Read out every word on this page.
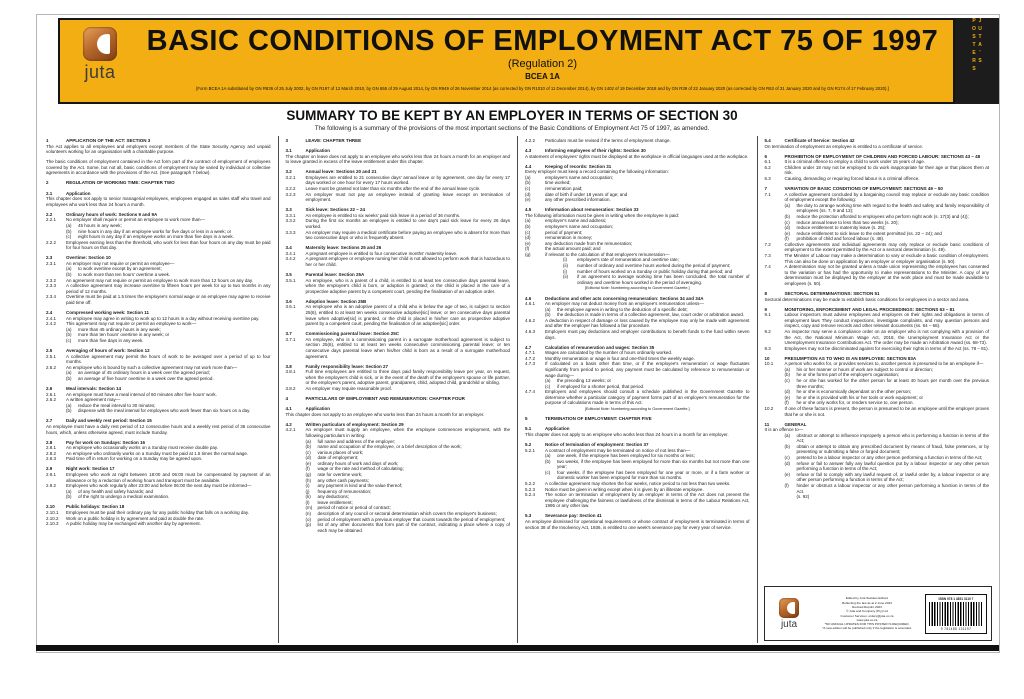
juta
BASIC CONDITIONS OF EMPLOYMENT ACT 75 OF 1997
(Regulation 2)
BCEA 1A
[Form BCEA 1A substituted by GN R836 of 25 July 2002, by GN R197 of 12 March 2010, by GN 655 of 29 August 2014, by GN R949 of 26 November 2014 (as corrected by GN R1010 of 11 December 2014), by GN 1402 of 19 December 2018 and by GN R39 of 22 January 2020 (as corrected by GN R63 of 31 January 2020 and by GN R174 of 17 February 2020).]
JUTA'S POSTERS
SUMMARY TO BE KEPT BY AN EMPLOYER IN TERMS OF SECTION 30
The following is a summary of the provisions of the most important sections of the Basic Conditions of Employment Act 75 of 1997, as amended.
1	APPLICATION OF THE ACT: SECTION 3
The Act applies to all employees and employers except members of the State Security Agency and unpaid volunteers working for an organisation with a charitable purpose.
The basic conditions of employment contained in the Act form part of the contract of employment of employees covered by the Act. Some, but not all, basic conditions of employment may be varied by individual or collective agreements in accordance with the provisions of the Act. (See paragraph 7 below).
2	REGULATION OF WORKING TIME: CHAPTER TWO
2.1	Application
This chapter does not apply to senior managerial employees, employees engaged as sales staff who travel and employees who work less than 24 hours a month.
2.2	Ordinary hours of work: Sections 9 and 9A
2.2.1	No employer shall require or permit an employee to work more than—
(a)	45 hours in any week;
(b)	nine hours in any day if an employee works for five days or less in a week; or
(c)	eight hours in any day if an employee works on more than five days in a week.
2.2.2	Employees earning less than the threshold, who work for less than four hours on any day must be paid for four hours on that day.
2.3	Overtime: Section 10
2.3.1	An employer may not require or permit an employee—
(a)	to work overtime except by an agreement;
(b)	to work more than ten hours' overtime a week.
2.3.2	An agreement may not require or permit an employee to work more than 12 hours on any day.
2.3.3	A collective agreement may increase overtime to fifteen hours per week for up to two months in any period of 12 months.
2.3.4	Overtime must be paid at 1.5 times the employee's normal wage or an employee may agree to receive paid time off.
2.4	Compressed working week: Section 11
2.4.1	An employee may agree in writing to work up to 12 hours in a day without receiving overtime pay.
2.4.2	This agreement may not require or permit an employee to work—
(a)	more than 45 ordinary hours in any week;
(b)	more than ten hours' overtime in any week; or
(c)	more than five days in any week.
2.5	Averaging of hours of work: Section 12
2.5.1	A collective agreement may permit the hours of work to be averaged over a period of up to four months.
2.5.2	An employee who is bound by such a collective agreement may not work more than—
(a)	an average of 45 ordinary hours in a week over the agreed period;
(b)	an average of five hours' overtime in a week over the agreed period.
2.6	Meal intervals: Section 14
2.6.1	An employee must have a meal interval of 60 minutes after five hours' work.
2.6.2	A written agreement may—
(a)	reduce the meal interval to 30 minutes;
(b)	dispense with the meal interval for employees who work fewer than six hours on a day.
2.7	Daily and weekly rest period: Section 15
An employee must have a daily rest period of 12 consecutive hours and a weekly rest period of 36 consecutive hours, which, unless otherwise agreed, must include Sunday.
2.8	Pay for work on Sundays: Section 16
2.8.1	An employee who occasionally works on a Sunday must receive double pay.
2.8.2	An employee who ordinarily works on a Sunday must be paid at 1.5 times the normal wage.
2.8.3	Paid time off in return for working on a Sunday may be agreed upon.
2.9	Night work: Section 17
2.9.1	Employees who work at night between 18:00 and 06:00 must be compensated by payment of an allowance or by a reduction of working hours and transport must be available.
2.9.2	Employees who work regularly after 23:00 and before 06:00 the next day must be informed—
(a)	of any health and safety hazards; and
(b)	of the right to undergo a medical examination.
2.10	Public holidays: Section 18
2.10.1	Employees must be paid their ordinary pay for any public holiday that falls on a working day.
2.10.2	Work on a public holiday is by agreement and paid at double the rate.
2.10.3	A public holiday may be exchanged with another day by agreement.
3	LEAVE: CHAPTER THREE
3.1	Application
The chapter on leave does not apply to an employee who works less than 24 hours a month for an employer and to leave granted in excess of the leave entitlement under this chapter.
3.2	Annual leave: Sections 20 and 21
3.2.1	Employees are entitled to 21 consecutive days' annual leave or by agreement, one day for every 17 days worked or one hour for every 17 hours worked.
3.2.2	Leave must be granted not later than six months after the end of the annual leave cycle.
3.2.3	An employer must not pay an employee instead of granting leave except on termination of employment.
3.3	Sick leave: Sections 22 – 24
3.3.1	An employee is entitled to six weeks' paid sick leave in a period of 36 months.
3.3.2	During the first six months an employee is entitled to one day's paid sick leave for every 26 days worked.
3.3.3	An employer may require a medical certificate before paying an employee who is absent for more than two consecutive days or who is frequently absent.
3.4	Maternity leave: Sections 25 and 26
3.4.1	A pregnant employee is entitled to four consecutive months' maternity leave.
3.4.2	A pregnant employee or employee nursing her child is not allowed to perform work that is hazardous to her or her child.
3.5	Parental leave: Section 25A
3.5.1	An employee, who is a parent of a child, is entitled to at least ten consecutive days parental leave, when the employee's child is born, or adoption is granted; or the child is placed in the care of a prospective adoptive parent by a competent court, pending the finalisation of an adoption order.
3.6	Adoption leave: Section 25B
3.6.1	An employee who is an adoptive parent of a child who is below the age of two, is subject to section 25(6), entitled to at least ten weeks consecutive adoptive[sic] leave; or ten consecutive days parental leave when adoptive[sic] is granted, or the child is placed in his/her care as prospective adoptive parent by a competent court, pending the finalisation of an adoptive[sic] order.
3.7	Commissioning parental leave: Section 25C
3.7.1	An employee, who is a commissioning parent in a surrogate motherhood agreement is subject to section 25(6), entitled to at least ten weeks consecutive commissioning parental leave; or ten consecutive days parental leave when his/her child is born as a result of a surrogate motherhood agreement.
3.8	Family responsibility leave: Section 27
3.8.1	Full time employees are entitled to three days paid family responsibility leave per year, on request, when the employee's child is sick, or in the event of the death of the employee's spouse or life partner, or the employee's parent, adoptive parent, grandparent, child, adopted child, grandchild or sibling.
3.8.2	An employer may require reasonable proof.
4	PARTICULARS OF EMPLOYMENT AND REMUNERATION: CHAPTER FOUR
4.1	Application
This chapter does not apply to an employee who works less than 24 hours a month for an employer.
4.2	Written particulars of employment: Section 29
4.2.1	An employer must supply an employee, when the employee commences employment, with the following particulars in writing:
(a)	full name and address of the employer;
(b)	name and occupation of the employee, or a brief description of the work;
(c)	various places of work;
(d)	date of employment;
(e)	ordinary hours of work and days of work;
(f)	wage or the rate and method of calculating;
(g)	rate for overtime work;
(h)	any other cash payments;
(i)	any payment in kind and the value thereof;
(j)	frequency of remuneration;
(k)	any deductions;
(l)	leave entitlement;
(m)	period of notice or period of contract;
(n)	description of any council or sectoral determination which covers the employer's business;
(o)	period of employment with a previous employer that counts towards the period of employment;
(p)	list of any other documents that form part of the contract, indicating a place where a copy of each may be obtained.
4.2.2	Particulars must be revised if the terms of employment change.
4.3	Informing employees of their rights: Section 30
A statement of employees' rights must be displayed at the workplace in official languages used at the workplace.
4.4	Keeping of records: Section 31
Every employer must keep a record containing the following information:
(a)	employee's name and occupation;
(b)	time worked;
(c)	remuneration paid;
(d)	date of birth if under 18 years of age; and
(e)	any other prescribed information.
4.5	Information about remuneration: Section 33
The following information must be given in writing when the employee is paid:
(a)	employer's name and address;
(b)	employee's name and occupation;
(c)	period of payment;
(d)	remuneration in money;
(e)	any deduction made from the remuneration;
(f)	the actual amount paid; and
(g)	if relevant to the calculation of that employee's remuneration—
(i)	employee's rate of remuneration and overtime rate;
(ii)	number of ordinary and overtime hours worked during the period of payment;
(i)	number of hours worked on a Sunday or public holiday during that period; and
(ii)	if an agreement to average working time has been concluded, the total number of ordinary and overtime hours worked in the period of averaging.
[Editorial Note: Numbering according to Government Gazette.]
4.6	Deductions and other acts concerning remuneration: Sections 34 and 34A
4.6.1	An employer may not deduct money from an employee's remuneration unless—
(a)	the employee agrees in writing to the deduction of a specific debt;
(b)	the deduction is made in terms of a collective agreement, law, court order or arbitration award.
4.6.2	A deduction in respect of damage or loss caused by the employee may only be made with agreement and after the employer has followed a fair procedure.
4.6.3	Employers must pay deductions and employer contributions to benefit funds to the fund within seven days.
4.7	Calculation of remuneration and wages: Section 35
4.7.1	Wages are calculated by the number of hours ordinarily worked.
4.7.2	Monthly remuneration or wage is four and one-third times the weekly wage.
4.7.3	If calculated on a basis other than time, or if the employee's remuneration or wage fluctuates significantly from period to period, any payment must be calculated by reference to remuneration or wage during—
(a)	the preceding 13 weeks; or
(c)	if employed for a shorter period, that period.
4.7.4	Employers and employees should consult a schedule published in the Government Gazette to determine whether a particular category of payment forms part of an employee's remuneration for the purpose of calculations made in terms of this Act.
[Editorial Note: Numbering according to Government Gazette.]
5	TERMINATION OF EMPLOYMENT: CHAPTER FIVE
5.1	Application
This chapter does not apply to an employee who works less than 24 hours in a month for an employer.
5.2	Notice of termination of employment: Section 37
5.2.1	A contract of employment may be terminated on notice of not less than—
(a)	one week, if the employee has been employed for six months or less;
(b)	two weeks, if the employee has been employed for more than six months but not more than one year;
(c)	four weeks, if the employee has been employed for one year or more, or if a farm worker or domestic worker has been employed for more than six months.
5.2.2	A collective agreement may shorten the four weeks, notice period to not less than two weeks.
5.2.3	Notice must be given in writing except when it is given by an illiterate employee.
5.2.4	The notice on termination of employment by an employer in terms of the Act does not prevent the employee challenging the fairness or lawfulness of the dismissal in terms of the Labour Relations Act, 1995 or any other law.
5.3	Severance pay: Section 41
An employee dismissed for operational requirements or whose contract of employment is terminated in terms of section 38 of the Insolvency Act, 1936, is entitled to one week's severance pay for every year of service.
5.4	Certificate of Service: Section 42
On termination of employment an employee is entitled to a certificate of service.
6	PROHIBITION OF EMPLOYMENT OF CHILDREN AND FORCED LABOUR: SECTIONS 43 – 48
6.1	It is a criminal offence to employ a child to work under 15 years of age.
6.2	Children under 18 may not be employed to do work inappropriate for their age or that places them at risk.
6.3	Causing, demanding or requiring forced labour is a criminal offence.
7	VARIATION OF BASIC CONDITIONS OF EMPLOYMENT: SECTIONS 49 – 50
7.1	A collective agreement concluded by a bargaining council may replace or exclude any basic condition of employment except the following:
(a)	the duty to arrange working time with regard to the health and safety and family responsibility of employees (ss. 7, 9 and 13);
(b)	reduce the protection afforded to employees who perform night work (s. 17(3) and (4));
(c)	reduce annual leave to less than two weeks (s. 20);
(d)	reduce entitlement to maternity leave (s. 25);
(e)	reduce entitlement to sick leave to the extent permitted (ss. 22 – 24); and
(f)	prohibition of child and forced labour (s. 48).
7.2	Collective agreements and individual agreements may only replace or exclude basic conditions of employment to the extent permitted by the Act or a sectoral determination (s. 49).
7.3	The Minister of Labour may make a determination to vary or exclude a basic condition of employment. This can also be done on application by an employer or employer organisation (s. 50).
7.4	A determination may not be granted unless a trade union representing the employees has consented to the variation or has had the opportunity to make representations to the Minister. A copy of any determination must be displayed by the employer at the work place and must be made available to employees (s. 50).
8	SECTORAL DETERMINATIONS: SECTION 51
Sectoral determinations may be made to establish basic conditions for employees in a sector and area.
9	MONITORING, ENFORCEMENT AND LEGAL PROCEEDINGS: SECTIONS 63 – 81
9.1	Labour inspectors must advise employees and employers on their rights and obligations in terms of employment laws They conduct inspections, investigate complaints, and may question persons and inspect, copy and remove records and other relevant documents (ss. 64 – 66).
9.2	An inspector may serve a compliance order on an employer who is not complying with a provision of the Act, the National Minimum Wage Act, 2018, the Unemployment Insurance Act or the Unemployment Insurance Contributions Act. The order may be made an Arbitration Award (ss. 68-73).
9.3	Employees may not be discriminated against for exercising their rights in terms of the Act (ss. 78 – 81).
10	PRESUMPTION AS TO WHO IS AN EMPLOYEE: SECTION 83A
10.1	A person who works for, or provides services to, another person is presumed to be an employee if—
(a)	his or her manner or hours of work are subject to control or direction;
(b)	he or she forms part of the employer's organisation;
(c)	he or she has worked for the other person for at least 40 hours per month over the previous three months;
(d)	he or she is economically dependant on the other person;
(e)	he or she is provided with his or her tools or work equipment; or
(f)	he or she only works for, or renders service to, one person.
10.2	If one of these factors is present, the person is presumed to be an employee until the employer proves that he or she is not.
11	GENERAL
It is an offence to—
(a)	obstruct or attempt to influence improperly a person who is performing a function in terms of the Act;
(b)	obtain or attempt to obtain any prescribed document by means of fraud, false pretences, or by presenting or submitting a false or forged document;
(c)	pretend to be a labour inspector or any other person performing a function in terms of the Act;
(d)	refuse or fail to answer fully any lawful question put by a labour inspector or any other person performing a function in terms of the Act;
(e)	refuse or fail to comply with any lawful request of, or lawful order by, a labour inspector or any other person performing a function in terms of the Act;
(f)	hinder or obstruct a labour inspector or any other person performing a function in terms of the Act.
(s. 92)
juta
Edited by Juta Statutes Editors
Reflecting the law as at 2 June 2023
Revised Reprint 2023
© Juta and Company (Pty) Ltd
Customer Services: orders@juta.co.za
www.juta.co.za
*NO ANNUAL UPDATES FOR THIS POSTER IS REQUIRED.
*A new edition will be published only if the legislation is amended.
ISBN 978 1 4851 3119 7
9 781485 131197
